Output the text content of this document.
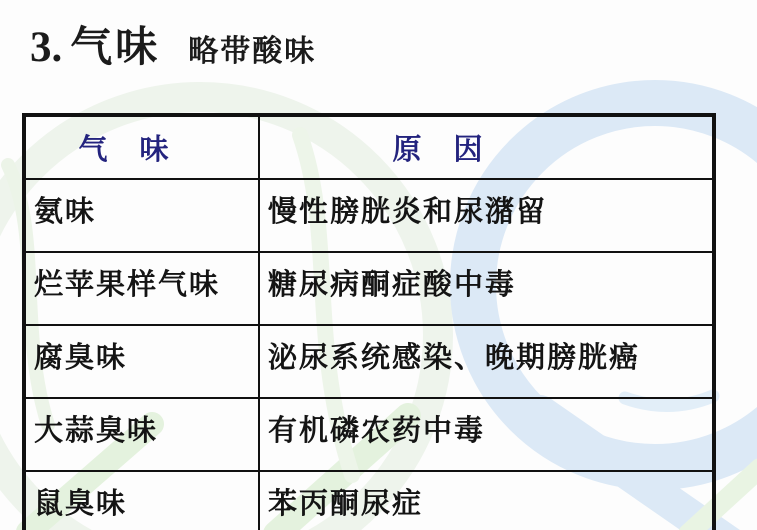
3. 气味 略带酸味
气 味	原 因
氨味	慢性膀胱炎和尿潴留
烂苹果样气味	糖尿病酮症酸中毒
腐臭味	泌尿系统感染、晚期膀胱癌
大蒜臭味	有机磷农药中毒
鼠臭味	苯丙酮尿症
